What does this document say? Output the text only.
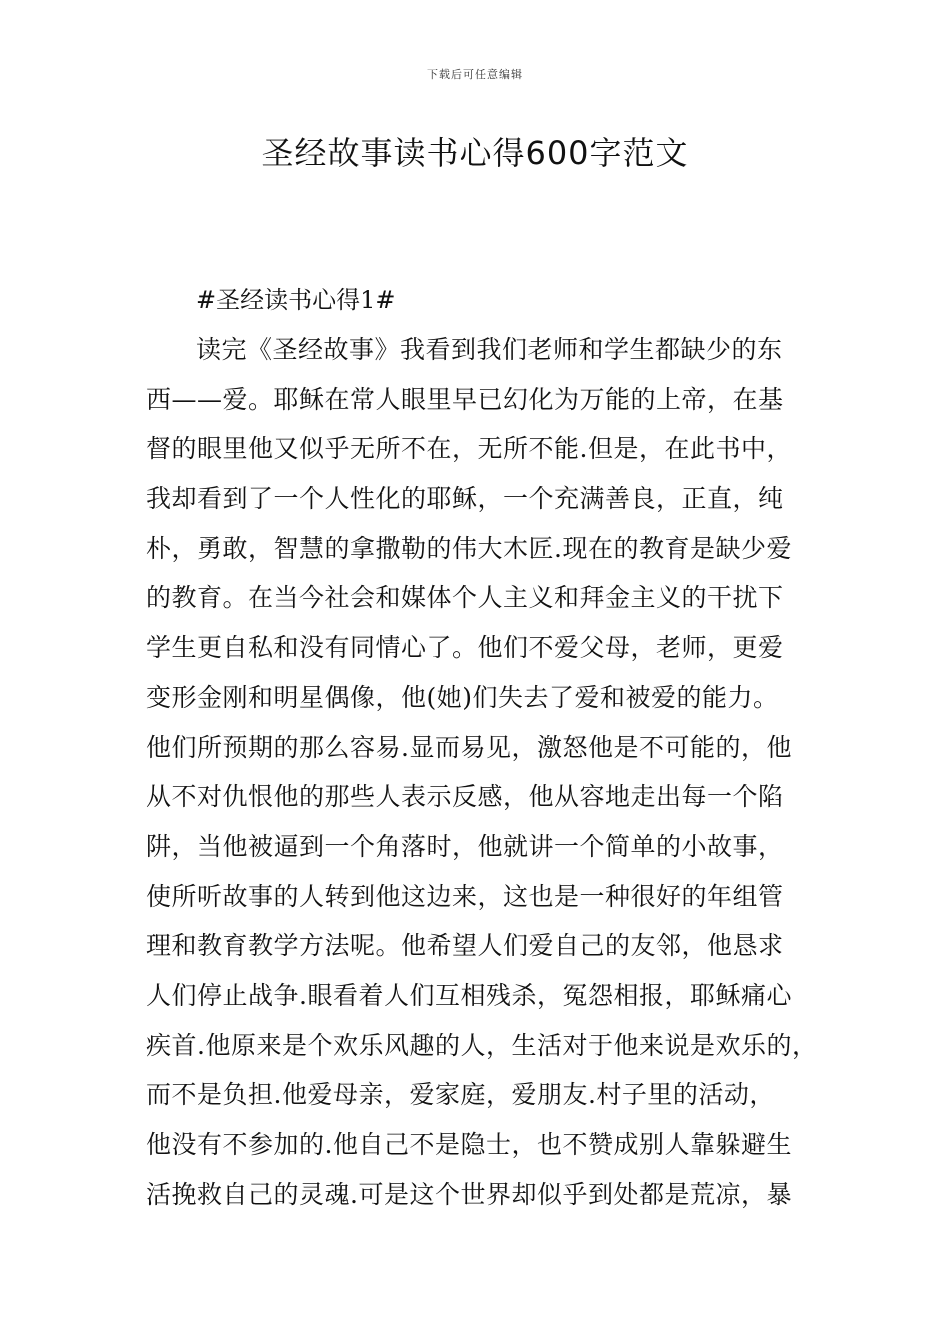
下载后可任意编辑
圣经故事读书心得600字范文
#圣经读书心得1#
读完《圣经故事》我看到我们老师和学生都缺少的东
西——爱。耶稣在常人眼里早已幻化为万能的上帝，在基
督的眼里他又似乎无所不在，无所不能.但是，在此书中，
我却看到了一个人性化的耶稣，一个充满善良，正直，纯
朴，勇敢，智慧的拿撒勒的伟大木匠.现在的教育是缺少爱
的教育。在当今社会和媒体个人主义和拜金主义的干扰下
学生更自私和没有同情心了。他们不爱父母，老师，更爱
变形金刚和明星偶像，他(她)们失去了爱和被爱的能力。
他们所预期的那么容易.显而易见，激怒他是不可能的，他
从不对仇恨他的那些人表示反感，他从容地走出每一个陷
阱，当他被逼到一个角落时，他就讲一个简单的小故事，
使所听故事的人转到他这边来，这也是一种很好的年组管
理和教育教学方法呢。他希望人们爱自己的友邻，他恳求
人们停止战争.眼看着人们互相残杀，冤怨相报，耶稣痛心
疾首.他原来是个欢乐风趣的人，生活对于他来说是欢乐的，
而不是负担.他爱母亲，爱家庭，爱朋友.村子里的活动，
他没有不参加的.他自己不是隐士，也不赞成别人靠躲避生
活挽救自己的灵魂.可是这个世界却似乎到处都是荒凉，暴
